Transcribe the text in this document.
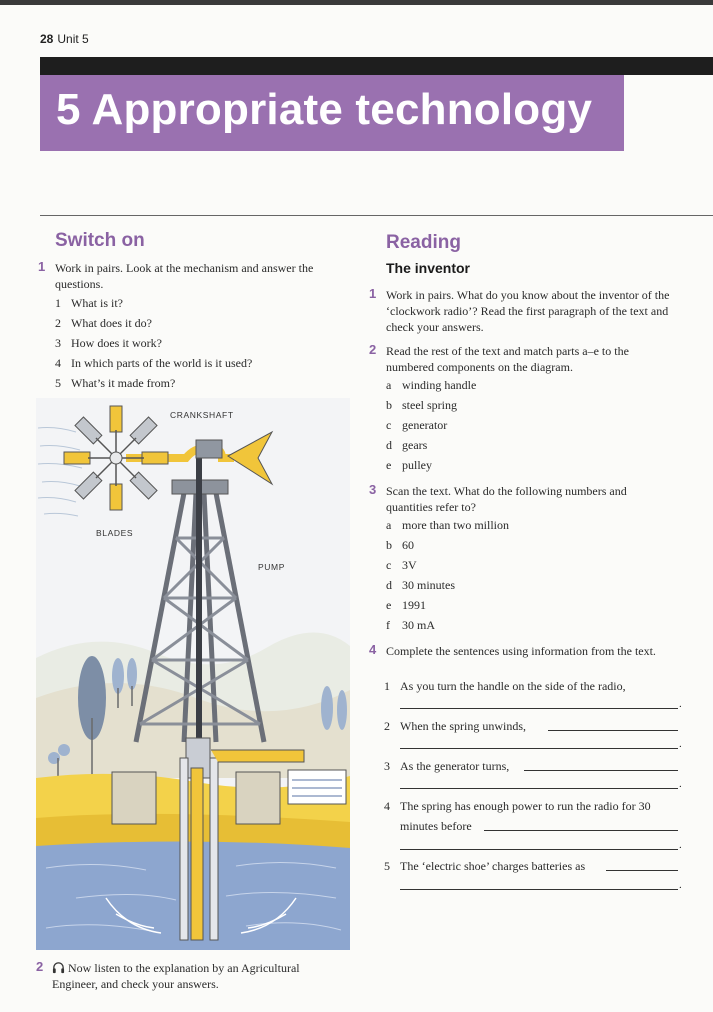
28 Unit 5
5 Appropriate technology
Switch on
1 Work in pairs. Look at the mechanism and answer the questions.
1 What is it?
2 What does it do?
3 How does it work?
4 In which parts of the world is it used?
5 What’s it made from?
CRANKSHAFT
BLADES
PUMP
2	Now listen to the explanation by an Agricultural Engineer, and check your answers.
Reading
The inventor
1 Work in pairs. What do you know about the inventor of the ‘clockwork radio’? Read the first paragraph of the text and check your answers.
2 Read the rest of the text and match parts a–e to the numbered components on the diagram.
a winding handle
b steel spring
c generator
d gears
e pulley
3 Scan the text. What do the following numbers and quantities refer to?
a more than two million
b 60
c 3V
d 30 minutes
e 1991
f 30 mA
4 Complete the sentences using information from the text.
1 As you turn the handle on the side of the radio,
.
2 When the spring unwinds,
.
3 As the generator turns,
.
4 The spring has enough power to run the radio for 30
minutes before
.
5 The ‘electric shoe’ charges batteries as
.
